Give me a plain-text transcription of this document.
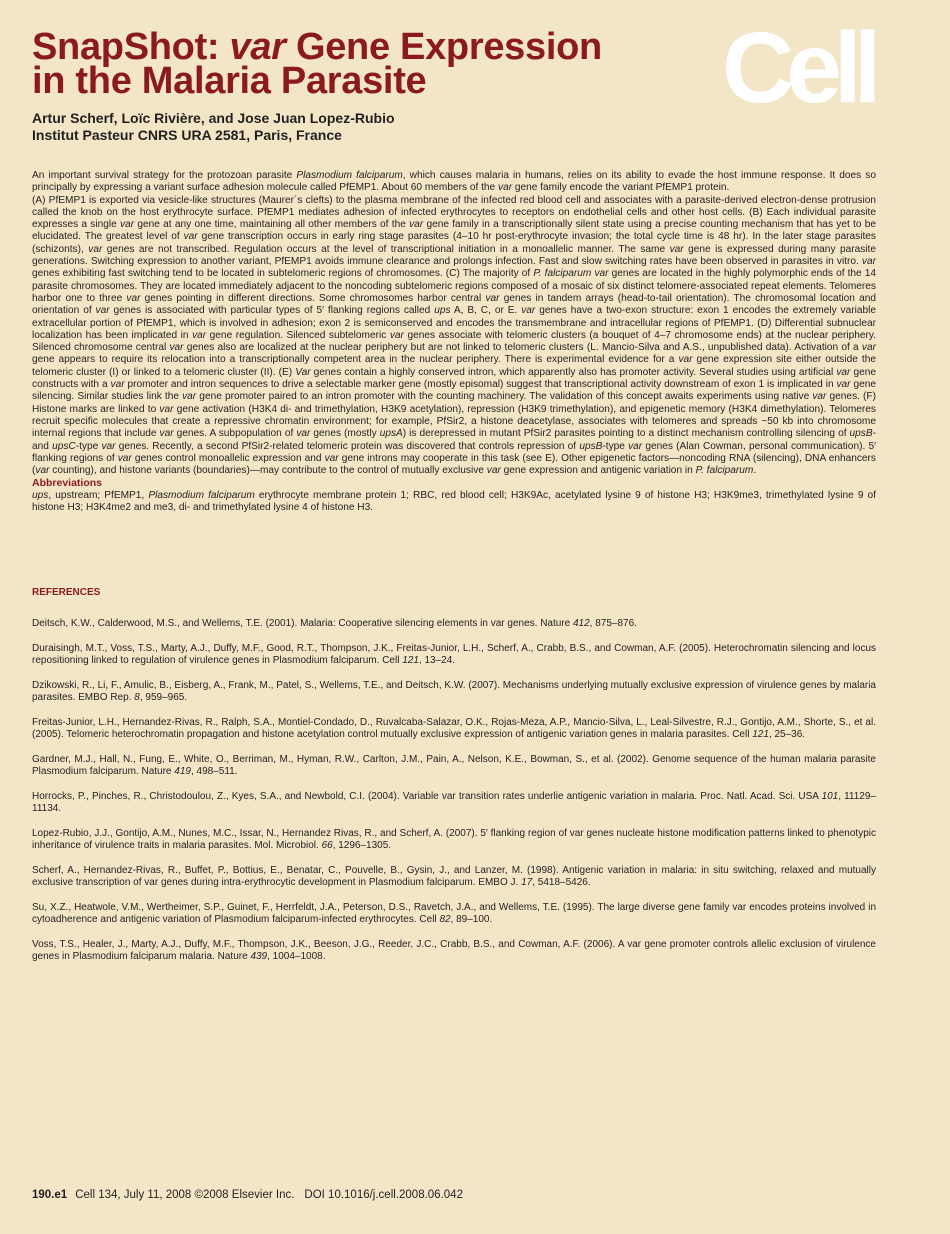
SnapShot: var Gene Expression
in the Malaria Parasite	Cell
Artur Scherf, Loïc Rivière, and Jose Juan Lopez-Rubio
Institut Pasteur CNRS URA 2581, Paris, France

An important survival strategy for the protozoan parasite Plasmodium falciparum, which causes malaria in humans, relies on its ability to evade the host immune response. It does so principally by expressing a variant surface adhesion molecule called PfEMP1. About 60 members of the var gene family encode the variant PfEMP1 protein.
(A) PfEMP1 is exported via vesicle-like structures (Maurer´s clefts) to the plasma membrane of the infected red blood cell and associates with a parasite-derived electron-dense protrusion called the knob on the host erythrocyte surface. PfEMP1 mediates adhesion of infected erythrocytes to receptors on endothelial cells and other host cells. (B) Each individual parasite expresses a single var gene at any one time, maintaining all other members of the var gene family in a transcriptionally silent state using a precise counting mechanism that has yet to be elucidated. The greatest level of var gene transcription occurs in early ring stage parasites (4–10 hr post-erythrocyte invasion; the total cycle time is 48 hr). In the later stage parasites (schizonts), var genes are not transcribed. Regulation occurs at the level of transcriptional initiation in a monoallelic manner. The same var gene is expressed during many parasite generations. Switching expression to another variant, PfEMP1 avoids immune clearance and prolongs infection. Fast and slow switching rates have been observed in parasites in vitro. var genes exhibiting fast switching tend to be located in subtelomeric regions of chromosomes. (C) The majority of P. falciparum var genes are located in the highly polymorphic ends of the 14 parasite chromosomes. They are located immediately adjacent to the noncoding subtelomeric regions composed of a mosaic of six distinct telomere-associated repeat elements. Telomeres harbor one to three var genes pointing in different directions. Some chromosomes harbor central var genes in tandem arrays (head-to-tail orientation). The chromosomal location and orientation of var genes is associated with particular types of 5′ flanking regions called ups A, B, C, or E. var genes have a two-exon structure: exon 1 encodes the extremely variable extracellular portion of PfEMP1, which is involved in adhesion; exon 2 is semiconserved and encodes the transmembrane and intracellular regions of PfEMP1. (D) Differential subnuclear localization has been implicated in var gene regulation. Silenced subtelomeric var genes associate with telomeric clusters (a bouquet of 4–7 chromosome ends) at the nuclear periphery. Silenced chromosome central var genes also are localized at the nuclear periphery but are not linked to telomeric clusters (L. Mancio-Silva and A.S., unpublished data). Activation of a var gene appears to require its relocation into a transcriptionally competent area in the nuclear periphery. There is experimental evidence for a var gene expression site either outside the telomeric cluster (I) or linked to a telomeric cluster (II). (E) Var genes contain a highly conserved intron, which apparently also has promoter activity. Several studies using artificial var gene constructs with a var promoter and intron sequences to drive a selectable marker gene (mostly episomal) suggest that transcriptional activity downstream of exon 1 is implicated in var gene silencing. Similar studies link the var gene promoter paired to an intron promoter with the counting machinery. The validation of this concept awaits experiments using native var genes. (F) Histone marks are linked to var gene activation (H3K4 di- and trimethylation, H3K9 acetylation), repression (H3K9 trimethylation), and epigenetic memory (H3K4 dimethylation). Telomeres recruit specific molecules that create a repressive chromatin environment; for example, PfSir2, a histone deacetylase, associates with telomeres and spreads ~50 kb into chromosome internal regions that include var genes. A subpopulation of var genes (mostly upsA) is derepressed in mutant PfSir2 parasites pointing to a distinct mechanism controlling silencing of upsB- and upsC-type var genes. Recently, a second PfSir2-related telomeric protein was discovered that controls repression of upsB-type var genes (Alan Cowman, personal communication). 5′ flanking regions of var genes control monoallelic expression and var gene introns may cooperate in this task (see E). Other epigenetic factors—noncoding RNA (silencing), DNA enhancers (var counting), and histone variants (boundaries)—may contribute to the control of mutually exclusive var gene expression and antigenic variation in P. falciparum.

Abbreviations

ups, upstream; PfEMP1, Plasmodium falciparum erythrocyte membrane protein 1; RBC, red blood cell; H3K9Ac, acetylated lysine 9 of histone H3; H3K9me3, trimethylated lysine 9 of histone H3; H3K4me2 and me3, di- and trimethylated lysine 4 of histone H3.

REFERENCES

Deitsch, K.W., Calderwood, M.S., and Wellems, T.E. (2001). Malaria: Cooperative silencing elements in var genes. Nature 412, 875–876.

Duraisingh, M.T., Voss, T.S., Marty, A.J., Duffy, M.F., Good, R.T., Thompson, J.K., Freitas-Junior, L.H., Scherf, A., Crabb, B.S., and Cowman, A.F. (2005). Heterochromatin silencing and locus repositioning linked to regulation of virulence genes in Plasmodium falciparum. Cell 121, 13–24.

Dzikowski, R., Li, F., Amulic, B., Eisberg, A., Frank, M., Patel, S., Wellems, T.E., and Deitsch, K.W. (2007). Mechanisms underlying mutually exclusive expression of virulence genes by malaria parasites. EMBO Rep. 8, 959–965.

Freitas-Junior, L.H., Hernandez-Rivas, R., Ralph, S.A., Montiel-Condado, D., Ruvalcaba-Salazar, O.K., Rojas-Meza, A.P., Mancio-Silva, L., Leal-Silvestre, R.J., Gontijo, A.M., Shorte, S., et al. (2005). Telomeric heterochromatin propagation and histone acetylation control mutually exclusive expression of antigenic variation genes in malaria parasites. Cell 121, 25–36.

Gardner, M.J., Hall, N., Fung, E., White, O., Berriman, M., Hyman, R.W., Carlton, J.M., Pain, A., Nelson, K.E., Bowman, S., et al. (2002). Genome sequence of the human malaria parasite Plasmodium falciparum. Nature 419, 498–511.

Horrocks, P., Pinches, R., Christodoulou, Z., Kyes, S.A., and Newbold, C.I. (2004). Variable var transition rates underlie antigenic variation in malaria. Proc. Natl. Acad. Sci. USA 101, 11129–11134.

Lopez-Rubio, J.J., Gontijo, A.M., Nunes, M.C., Issar, N., Hernandez Rivas, R., and Scherf, A. (2007). 5′ flanking region of var genes nucleate histone modification patterns linked to phenotypic inheritance of virulence traits in malaria parasites. Mol. Microbiol. 66, 1296–1305.

Scherf, A., Hernandez-Rivas, R., Buffet, P., Bottius, E., Benatar, C., Pouvelle, B., Gysin, J., and Lanzer, M. (1998). Antigenic variation in malaria: in situ switching, relaxed and mutually exclusive transcription of var genes during intra-erythrocytic development in Plasmodium falciparum. EMBO J. 17, 5418–5426.

Su, X.Z., Heatwole, V.M., Wertheimer, S.P., Guinet, F., Herrfeldt, J.A., Peterson, D.S., Ravetch, J.A., and Wellems, T.E. (1995). The large diverse gene family var encodes proteins involved in cytoadherence and antigenic variation of Plasmodium falciparum-infected erythrocytes. Cell 82, 89–100.

Voss, T.S., Healer, J., Marty, A.J., Duffy, M.F., Thompson, J.K., Beeson, J.G., Reeder, J.C., Crabb, B.S., and Cowman, A.F. (2006). A var gene promoter controls allelic exclusion of virulence genes in Plasmodium falciparum malaria. Nature 439, 1004–1008.

190.e1 Cell 134, July 11, 2008 ©2008 Elsevier Inc. DOI 10.1016/j.cell.2008.06.042
